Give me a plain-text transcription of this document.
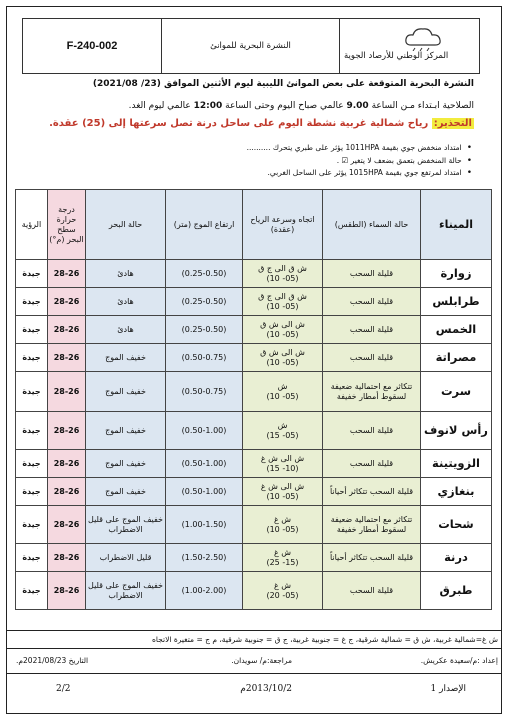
المركز الوطني للأرصاد الجوية
النشرة البحرية للموانئ
F-240-002
النشرة البحرية المتوقعة على بعض الموانئ الليبية ليوم الأثنين الموافق (23/ 2021/08)
الصلاحية ابـتداء مـن الساعة 9.00 عالمي صباح اليوم وحتى الساعة 12:00 عالمي ليوم الغد.
التحذير: رياح شمالية غربية نشطة اليوم على ساحل درنة تصل سرعتها إلى (25) عقدة.
• امتداد منخفض جوي بقيمة 1011HPA يؤثر على طبري يتحرك ..........
• حالة المنخفض بتعمق بضعف لا يتغير ☑ .
• امتداد لمرتفع جوي بقيمة 1015HPA يؤثر على الساحل الغربي.
الميناء	حالة السماء (الطقس)	اتجاه وسرعة الرياح (عقدة)	ارتفاع الموج (متر)	حالة البحر	درجة حرارة سطح البحر (م°)	الرؤية
زوارة	قليلة السحب	ش ق الى ج ق
(05- 10)	(0.25-0.50)	هادئ	28-26	جيدة
طرابلس	قليلة السحب	ش ق الى ج ق
(05- 10)	(0.25-0.50)	هادئ	28-26	جيدة
الخمس	قليلة السحب	ش الى ش ق
(05- 10)	(0.25-0.50)	هادئ	28-26	جيدة
مصراتة	قليلة السحب	ش الى ش ق
(05- 10)	(0.50-0.75)	خفيف الموج	28-26	جيدة
سرت	تتكاثر مع احتمالية ضعيفة لسقوط أمطار خفيفة	ش
(05- 10)	(0.50-0.75)	خفيف الموج	28-26	جيدة
رأس لانوف	قليلة السحب	ش
(05- 15)	(0.50-1.00)	خفيف الموج	28-26	جيدة
الزويتينة	قليلة السحب	ش الى ش غ
(10- 15)	(0.50-1.00)	خفيف الموج	28-26	جيدة
بنغازي	قليلة السحب تتكاثر أحياناً	ش الى ش غ
(05- 10)	(0.50-1.00)	خفيف الموج	28-26	جيدة
شحات	تتكاثر مع احتمالية ضعيفة لسقوط أمطار خفيفة	ش غ
(05- 10)	(1.00-1.50)	خفيف الموج على قليل الاضطراب	28-26	جيدة
درنة	قليلة السحب تتكاثر أحياناً	ش غ
(15- 25)	(1.50-2.50)	قليل الاضطراب	28-26	جيدة
طبرق	قليلة السحب	ش غ
(05- 20)	(1.00-2.00)	خفيف الموج على قليل الاضطراب	28-26	جيدة
ش غ=شمالية غربية، ش ق = شمالية شرقية، ج غ = جنوبية غربية، ج ق = جنوبية شرقية، م ج = متغيرة الاتجاه
إعداد :م/سعيدة عكريش.
مراجعة:م/ سويدان.
التاريخ 2021/08/23م.
الإصدار 1
2013/10/2م
2/2
